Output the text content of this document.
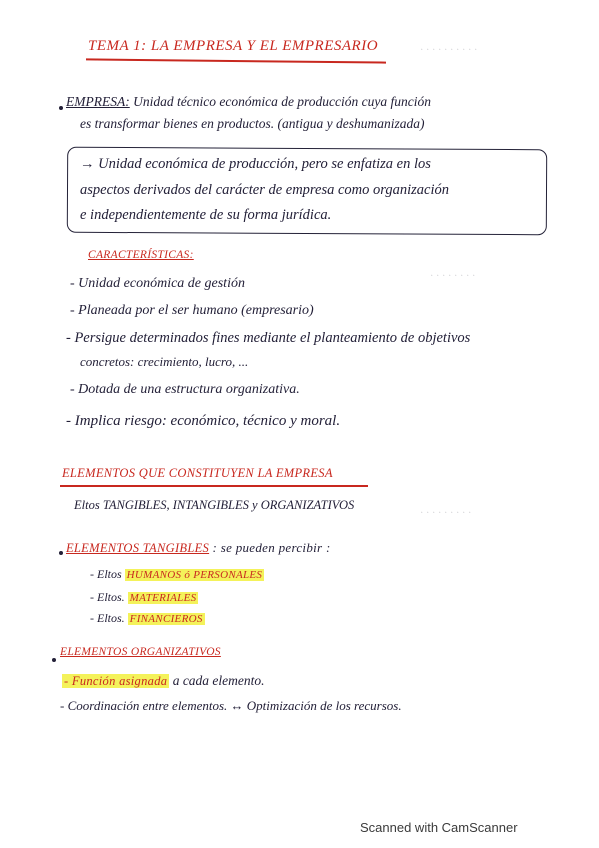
· · · · · · · · · ·
· · · · · · · ·
· · · · · · · · ·
TEMA 1: LA EMPRESA Y EL EMPRESARIO
EMPRESA: Unidad técnico económica de producción cuya función
es transformar bienes en productos. (antigua y deshumanizada)
→ Unidad económica de producción, pero se enfatiza en los
aspectos derivados del carácter de empresa como organización
e independientemente de su forma jurídica.
CARACTERÍSTICAS:
- Unidad económica de gestión
- Planeada por el ser humano (empresario)
- Persigue determinados fines mediante el planteamiento de objetivos
concretos: crecimiento, lucro, ...
- Dotada de una estructura organizativa.
- Implica riesgo: económico, técnico y moral.
ELEMENTOS QUE CONSTITUYEN LA EMPRESA
Eltos TANGIBLES, INTANGIBLES y ORGANIZATIVOS
ELEMENTOS TANGIBLES : se pueden percibir :
- Eltos HUMANOS ó PERSONALES
- Eltos. MATERIALES
- Eltos. FINANCIEROS
ELEMENTOS ORGANIZATIVOS
- Función asignada a cada elemento.
- Coordinación entre elementos. ↔ Optimización de los recursos.
Scanned with CamScanner
